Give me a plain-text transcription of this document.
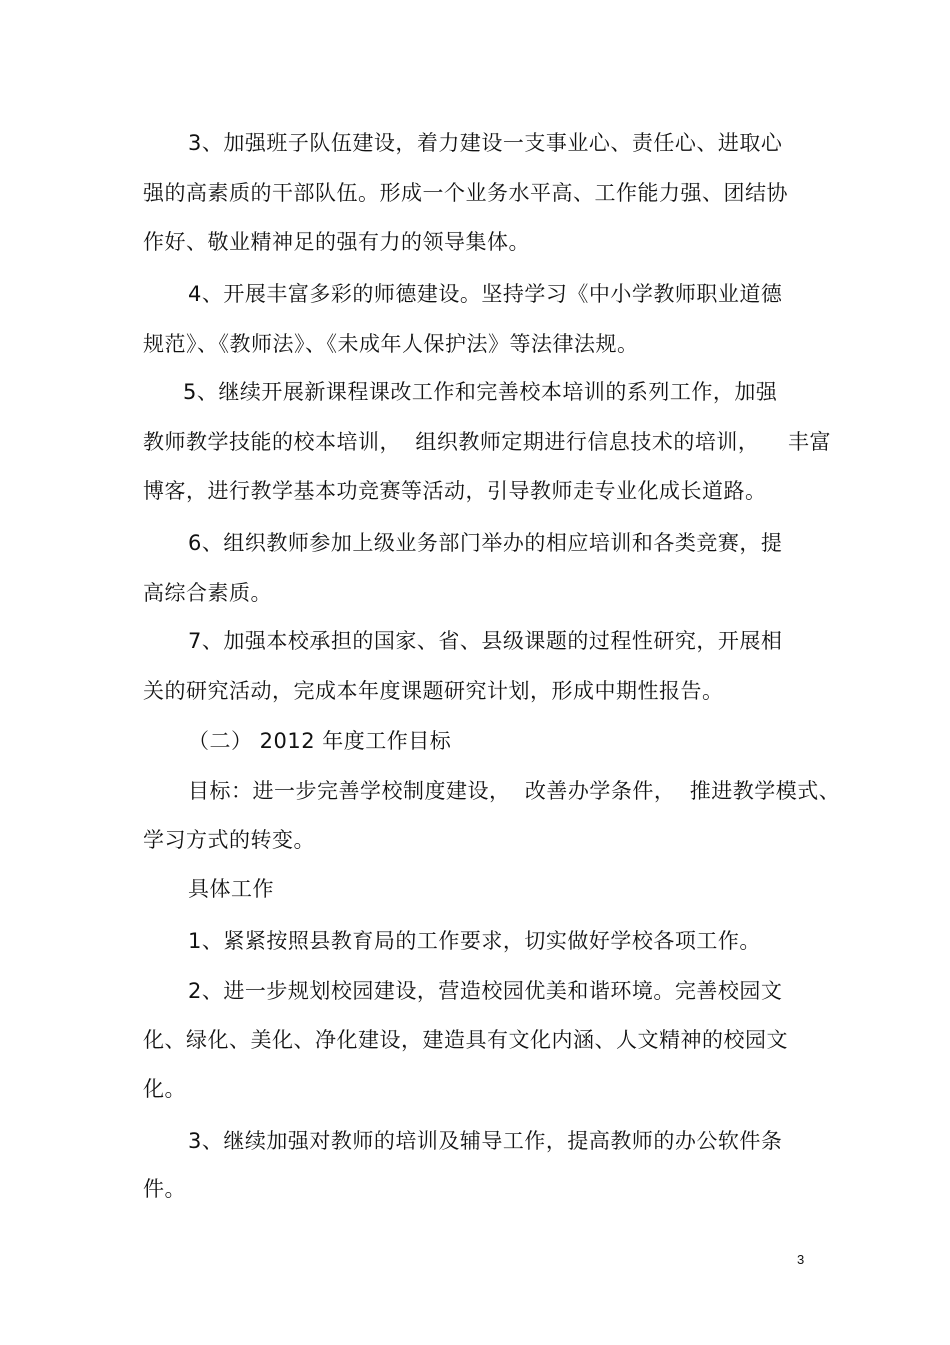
3、加强班子队伍建设，着力建设一支事业心、责任心、进取心
强的高素质的干部队伍。形成一个业务水平高、工作能力强、团结协
作好、敬业精神足的强有力的领导集体。
4、开展丰富多彩的师德建设。坚持学习《中小学教师职业道德
规范》、《教师法》、《未成年人保护法》等法律法规。
5、继续开展新课程课改工作和完善校本培训的系列工作，加强
教师教学技能的校本培训，  组织教师定期进行信息技术的培训，    丰富
博客，进行教学基本功竞赛等活动，引导教师走专业化成长道路。
6、组织教师参加上级业务部门举办的相应培训和各类竞赛，提
高综合素质。
7、加强本校承担的国家、省、县级课题的过程性研究，开展相
关的研究活动，完成本年度课题研究计划，形成中期性报告。
（二） 2012 年度工作目标
目标：进一步完善学校制度建设，  改善办学条件，  推进教学模式、
学习方式的转变。
具体工作
1、紧紧按照县教育局的工作要求，切实做好学校各项工作。
2、进一步规划校园建设，营造校园优美和谐环境。完善校园文
化、绿化、美化、净化建设，建造具有文化内涵、人文精神的校园文
化。
3、继续加强对教师的培训及辅导工作，提高教师的办公软件条
件。
3
